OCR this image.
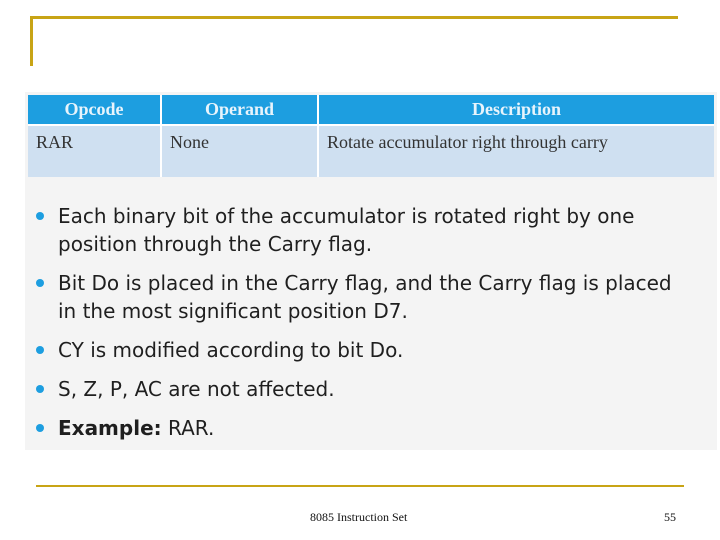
Opcode	Operand	Description
RAR	None	Rotate accumulator right through carry
Each binary bit of the accumulator is rotated right by one position through the Carry flag.
Bit Do is placed in the Carry flag, and the Carry flag is placed in the most significant position D7.
CY is modified according to bit Do.
S, Z, P, AC are not affected.
Example: RAR.
8085 Instruction Set	55
